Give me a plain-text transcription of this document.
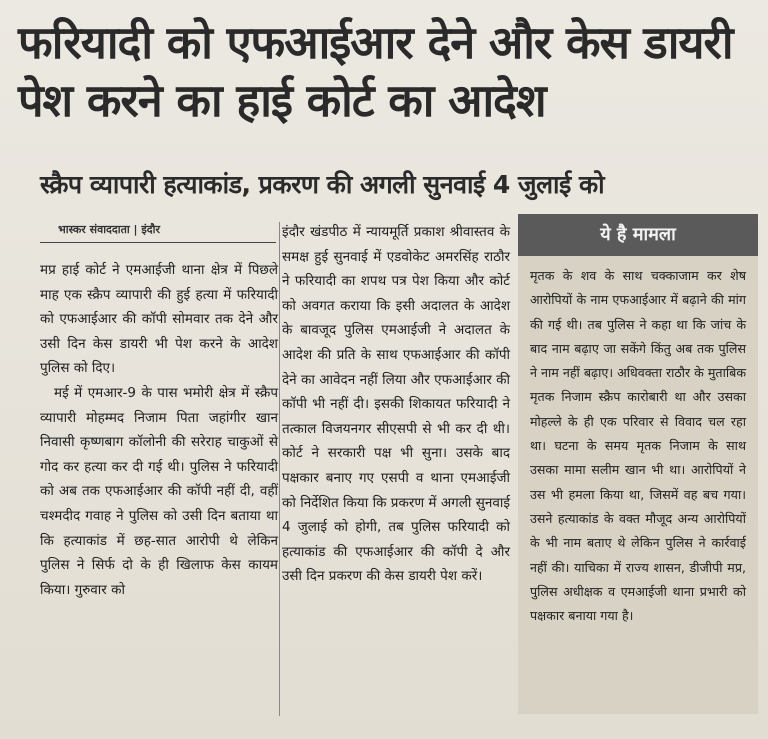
फरियादी को एफआईआर देने और केस डायरी पेश करने का हाई कोर्ट का आदेश
स्क्रैप व्यापारी हत्याकांड, प्रकरण की अगली सुनवाई 4 जुलाई को
भास्कर संवाददाता | इंदौर

मप्र हाई कोर्ट ने एमआईजी थाना क्षेत्र में पिछले माह एक स्क्रैप व्यापारी की हुई हत्या में फरियादी को एफआईआर की कॉपी सोमवार तक देने और उसी दिन केस डायरी भी पेश करने के आदेश पुलिस को दिए।

मई में एमआर-9 के पास भमोरी क्षेत्र में स्क्रैप व्यापारी मोहम्मद निजाम पिता जहांगीर खान निवासी कृष्णबाग कॉलोनी की सरेराह चाकुओं से गोद कर हत्या कर दी गई थी। पुलिस ने फरियादी को अब तक एफआईआर की कॉपी नहीं दी, वहीं चश्मदीद गवाह ने पुलिस को उसी दिन बताया था कि हत्याकांड में छह-सात आरोपी थे लेकिन पुलिस ने सिर्फ दो के ही खिलाफ केस कायम किया। गुरुवार को

इंदौर खंडपीठ में न्यायमूर्ति प्रकाश श्रीवास्तव के समक्ष हुई सुनवाई में एडवोकेट अमरसिंह राठौर ने फरियादी का शपथ पत्र पेश किया और कोर्ट को अवगत कराया कि इसी अदालत के आदेश के बावजूद पुलिस एमआईजी ने अदालत के आदेश की प्रति के साथ एफआईआर की कॉपी देने का आवेदन नहीं लिया और एफआईआर की कॉपी भी नहीं दी। इसकी शिकायत फरियादी ने तत्काल विजयनगर सीएसपी से भी कर दी थी। कोर्ट ने सरकारी पक्ष भी सुना। उसके बाद पक्षकार बनाए गए एसपी व थाना एमआईजी को निर्देशित किया कि प्रकरण में अगली सुनवाई 4 जुलाई को होगी, तब पुलिस फरियादी को हत्याकांड की एफआईआर की कॉपी दे और उसी दिन प्रकरण की केस डायरी पेश करें।

ये है मामला

मृतक के शव के साथ चक्काजाम कर शेष आरोपियों के नाम एफआईआर में बढ़ाने की मांग की गई थी। तब पुलिस ने कहा था कि जांच के बाद नाम बढ़ाए जा सकेंगे किंतु अब तक पुलिस ने नाम नहीं बढ़ाए। अधिवक्ता राठौर के मुताबिक मृतक निजाम स्क्रैप कारोबारी था और उसका मोहल्ले के ही एक परिवार से विवाद चल रहा था। घटना के समय मृतक निजाम के साथ उसका मामा सलीम खान भी था। आरोपियों ने उस भी हमला किया था, जिसमें वह बच गया। उसने हत्याकांड के वक्त मौजूद अन्य आरोपियों के भी नाम बताए थे लेकिन पुलिस ने कार्रवाई नहीं की। याचिका में राज्य शासन, डीजीपी मप्र, पुलिस अधीक्षक व एमआईजी थाना प्रभारी को पक्षकार बनाया गया है।
